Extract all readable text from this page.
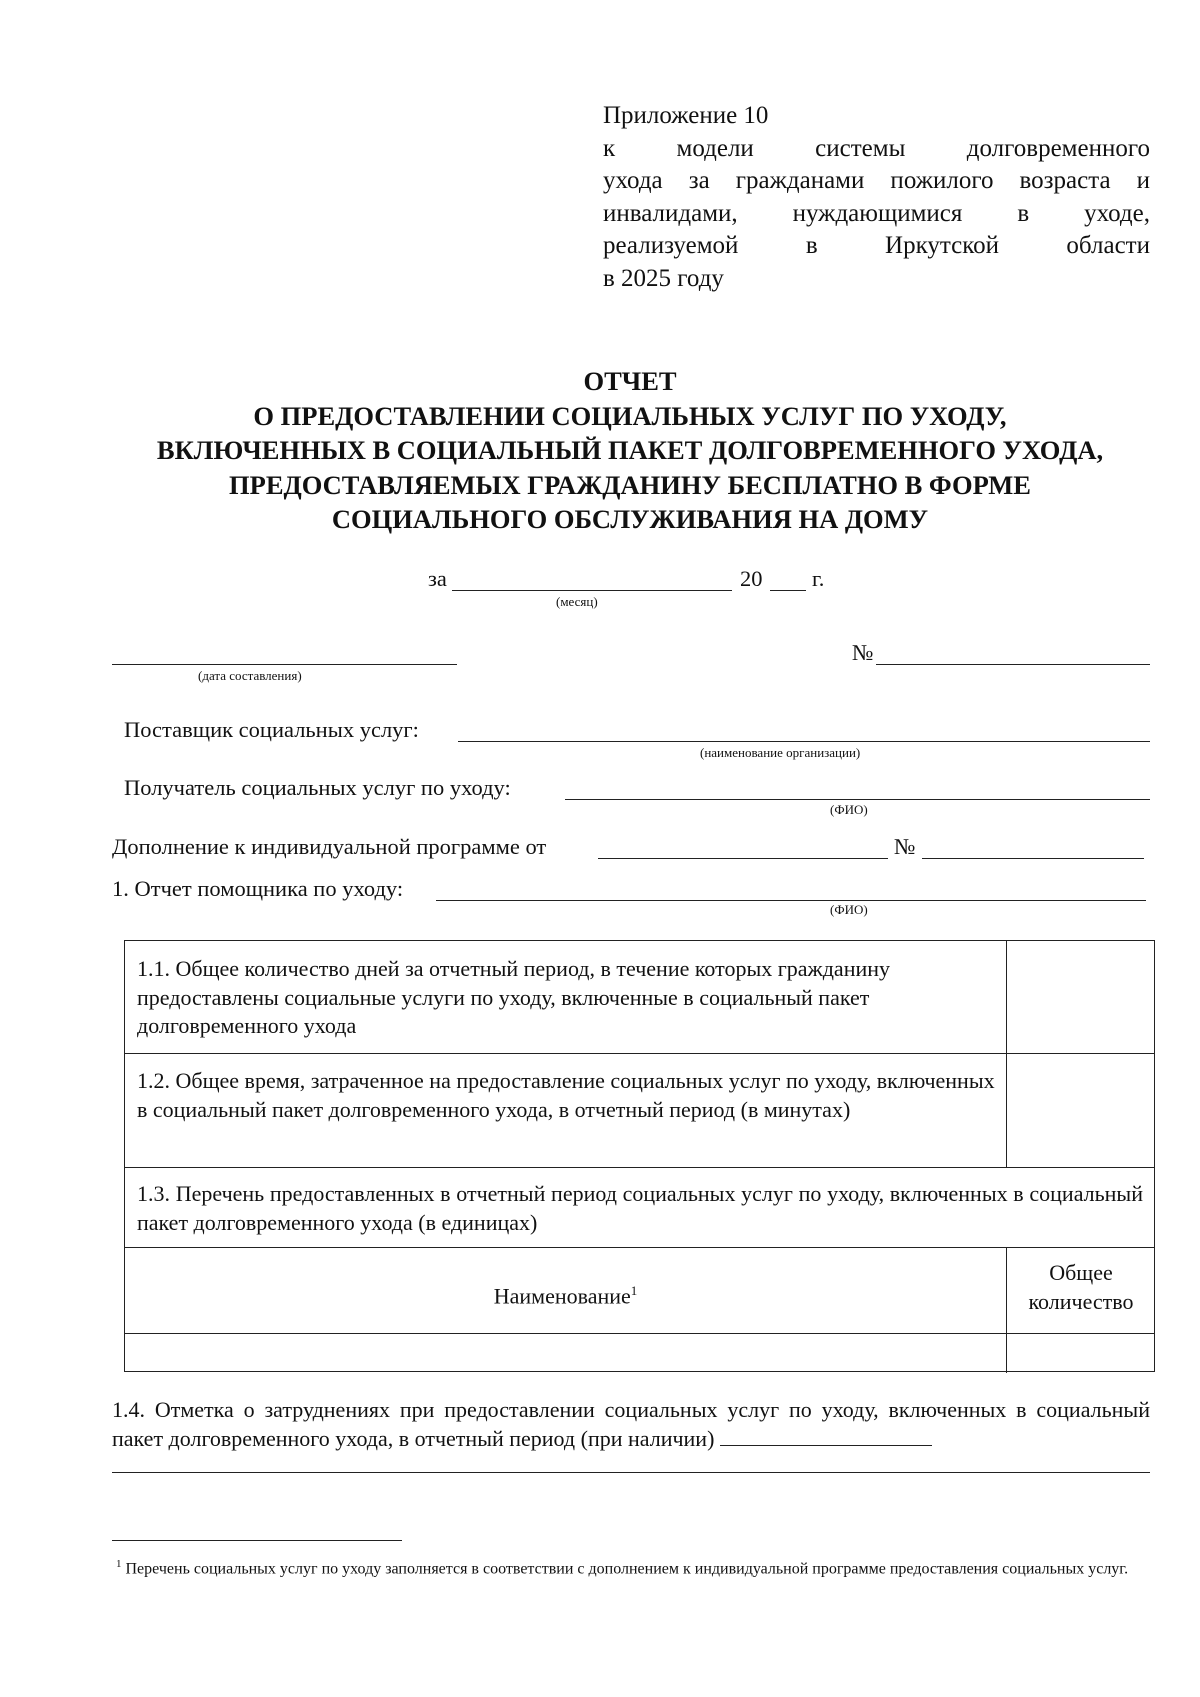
Приложение 10
к модели системы долговременного
ухода за гражданами пожилого возраста и
инвалидами, нуждающимися в уходе,
реализуемой в Иркутской области
в 2025 году
ОТЧЕТ
О ПРЕДОСТАВЛЕНИИ СОЦИАЛЬНЫХ УСЛУГ ПО УХОДУ,
ВКЛЮЧЕННЫХ В СОЦИАЛЬНЫЙ ПАКЕТ ДОЛГОВРЕМЕННОГО УХОДА,
ПРЕДОСТАВЛЯЕМЫХ ГРАЖДАНИНУ БЕСПЛАТНО В ФОРМЕ
СОЦИАЛЬНОГО ОБСЛУЖИВАНИЯ НА ДОМУ
за
(месяц)
20 г.
(дата составления)
№
Поставщик социальных услуг:
(наименование организации)
Получатель социальных услуг по уходу:
(ФИО)
Дополнение к индивидуальной программе от	№
1. Отчет помощника по уходу:
(ФИО)
1.1. Общее количество дней за отчетный период, в течение которых гражданину предоставлены социальные услуги по уходу, включенные в социальный пакет долговременного ухода
1.2. Общее время, затраченное на предоставление социальных услуг по уходу, включенных в социальный пакет долговременного ухода, в отчетный период (в минутах)
1.3. Перечень предоставленных в отчетный период социальных услуг по уходу, включенных в социальный пакет долговременного ухода (в единицах)
Наименование$^1$
Общее
количество
1.4. Отметка о затруднениях при предоставлении социальных услуг по уходу, включенных в социальный пакет долговременного ухода, в отчетный период (при наличии)
$^1$ Перечень социальных услуг по уходу заполняется в соответствии с дополнением к индивидуальной программе предоставления социальных услуг.
